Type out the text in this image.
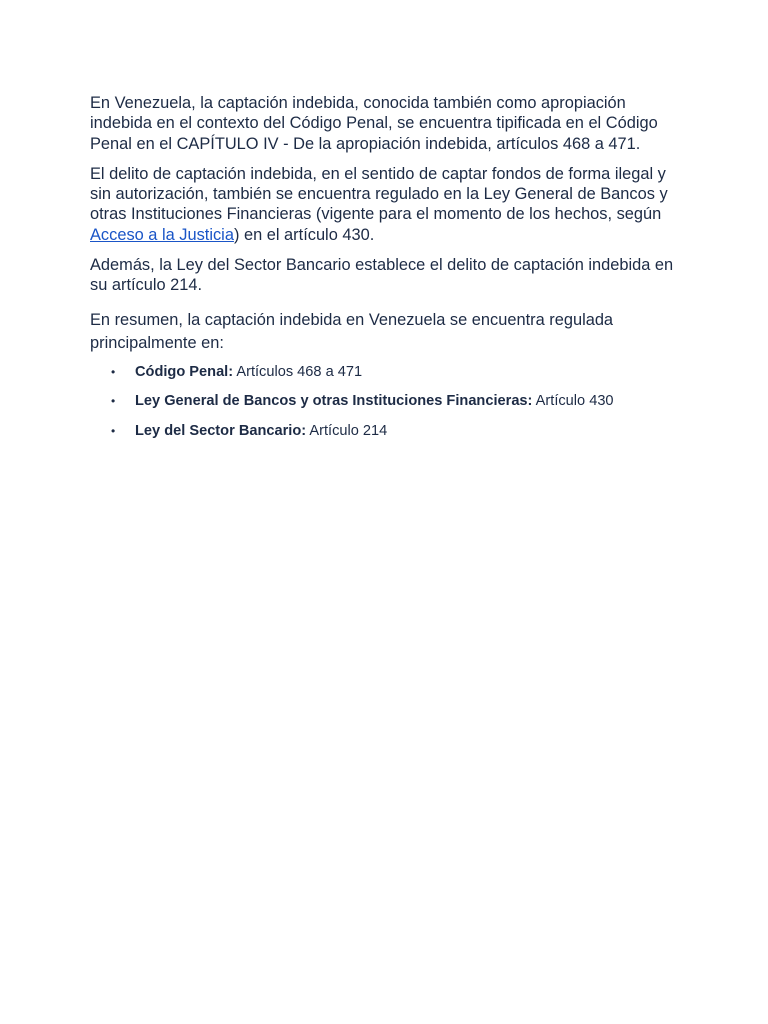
En Venezuela, la captación indebida, conocida también como apropiación indebida en el contexto del Código Penal, se encuentra tipificada en el Código Penal en el CAPÍTULO IV - De la apropiación indebida, artículos 468 a 471.

El delito de captación indebida, en el sentido de captar fondos de forma ilegal y sin autorización, también se encuentra regulado en la Ley General de Bancos y otras Instituciones Financieras (vigente para el momento de los hechos, según Acceso a la Justicia) en el artículo 430.

Además, la Ley del Sector Bancario establece el delito de captación indebida en su artículo 214.

En resumen, la captación indebida en Venezuela se encuentra regulada principalmente en:

• Código Penal: Artículos 468 a 471
• Ley General de Bancos y otras Instituciones Financieras: Artículo 430
• Ley del Sector Bancario: Artículo 214
